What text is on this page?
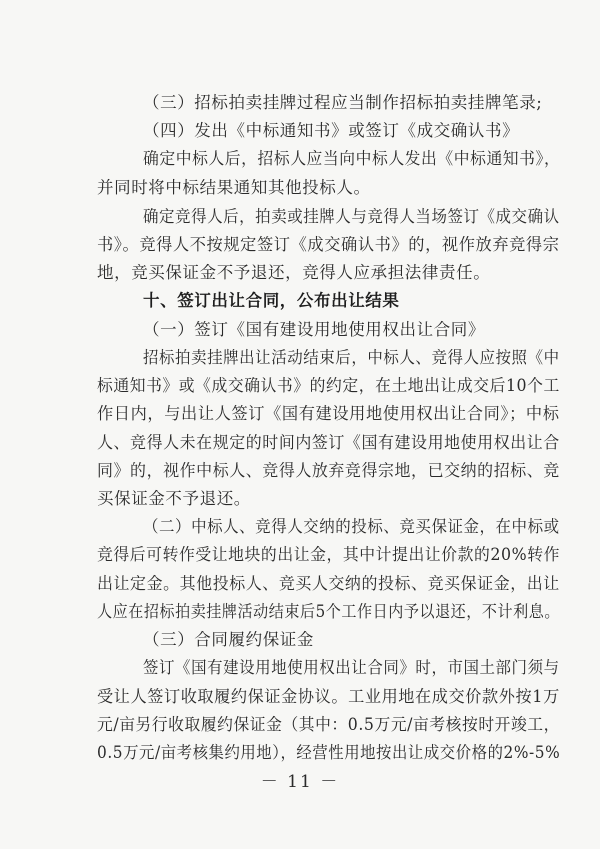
（三）招标拍卖挂牌过程应当制作招标拍卖挂牌笔录;
（四）发出《中标通知书》或签订《成交确认书》
确定中标人后，招标人应当向中标人发出《中标通知书》，
并同时将中标结果通知其他投标人。
确定竞得人后，拍卖或挂牌人与竞得人当场签订《成交确认
书》。竞得人不按规定签订《成交确认书》的，视作放弃竞得宗
地，竞买保证金不予退还，竞得人应承担法律责任。
十、签订出让合同，公布出让结果
（一）签订《国有建设用地使用权出让合同》
招标拍卖挂牌出让活动结束后，中标人、竞得人应按照《中
标通知书》或《成交确认书》的约定，在土地出让成交后10个工
作日内，与出让人签订《国有建设用地使用权出让合同》；中标
人、竞得人未在规定的时间内签订《国有建设用地使用权出让合
同》的，视作中标人、竞得人放弃竞得宗地，已交纳的招标、竞
买保证金不予退还。
（二）中标人、竞得人交纳的投标、竞买保证金，在中标或
竞得后可转作受让地块的出让金，其中计提出让价款的20%转作
出让定金。其他投标人、竞买人交纳的投标、竞买保证金，出让
人应在招标拍卖挂牌活动结束后5个工作日内予以退还，不计利息。
（三）合同履约保证金
签订《国有建设用地使用权出让合同》时，市国土部门须与
受让人签订收取履约保证金协议。工业用地在成交价款外按1万
元/亩另行收取履约保证金（其中：0.5万元/亩考核按时开竣工，
0.5万元/亩考核集约用地），经营性用地按出让成交价格的2%-5%
－ 11 －
